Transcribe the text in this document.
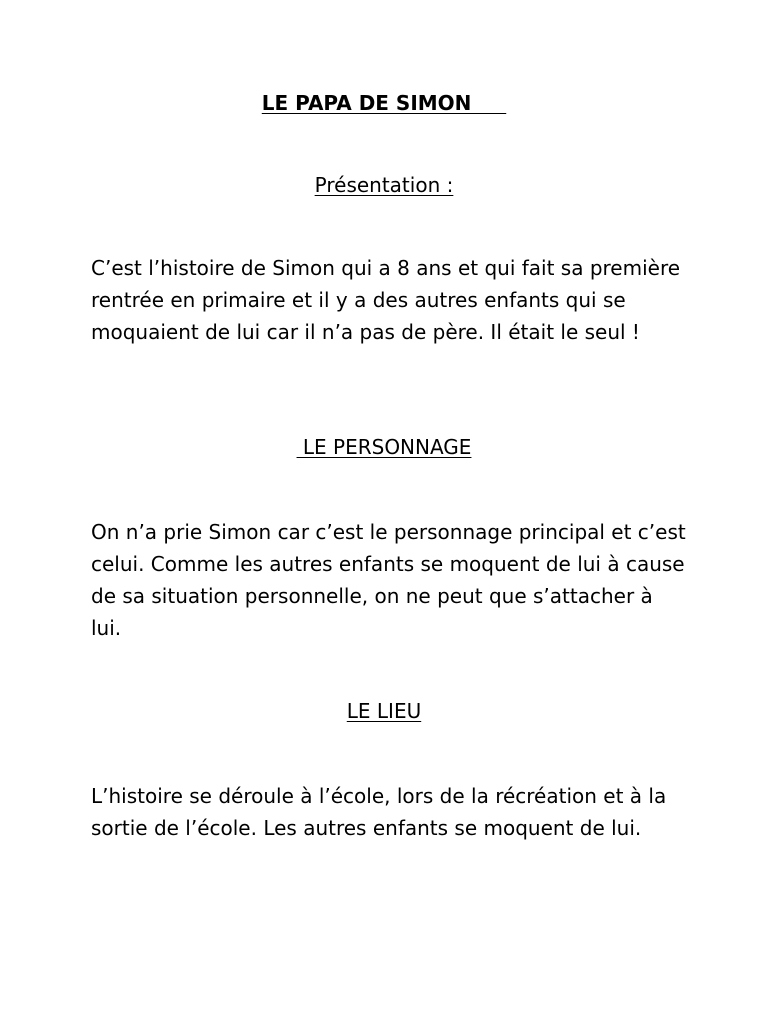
LE PAPA DE SIMON
Présentation :

C’est l’histoire de Simon qui a 8 ans et qui fait sa première rentrée en primaire et il y a des autres enfants qui se moquaient de lui car il n’a pas de père. Il était le seul !

LE PERSONNAGE

On n’a prie Simon car c’est le personnage principal et c’est celui. Comme les autres enfants se moquent de lui à cause de sa situation personnelle, on ne peut que s’attacher à lui.

LE LIEU

L’histoire se déroule à l’école, lors de la récréation et à la sortie de l’école. Les autres enfants se moquent de lui.
